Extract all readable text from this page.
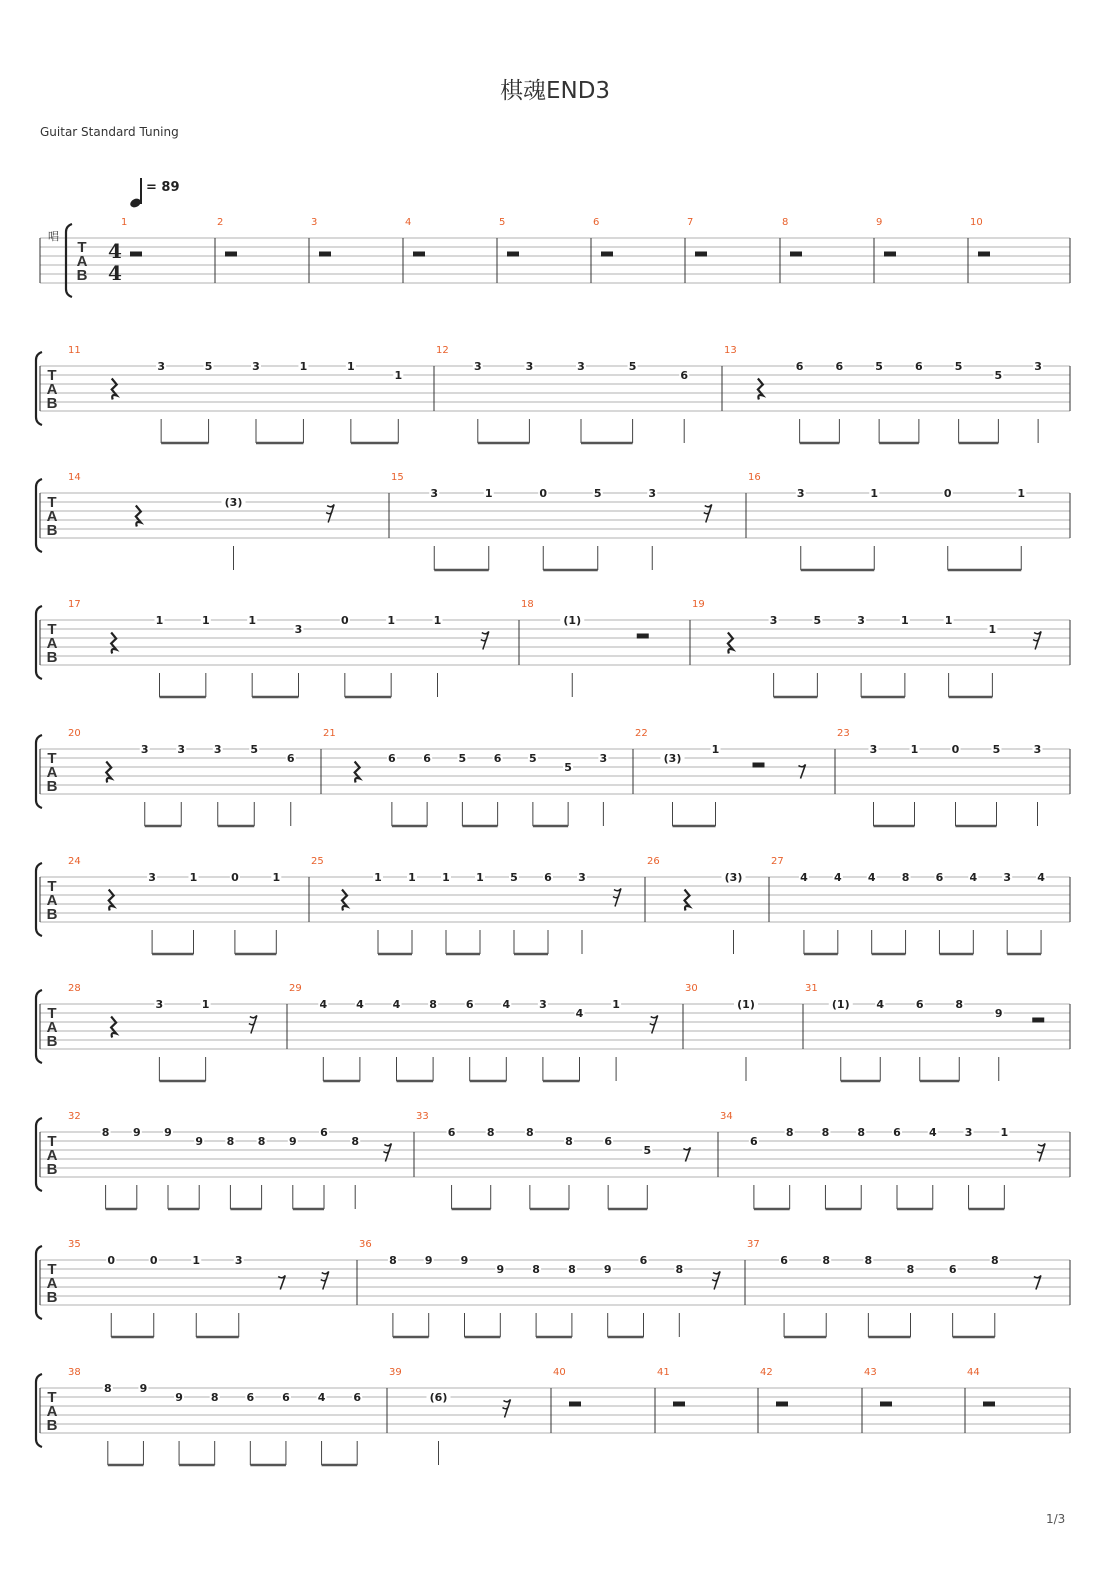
棋魂END3
Guitar Standard Tuning
= 89
T
A
B
唱
4
4
1	2	3	4	5	6	7	8	9	10
T
A
B
11
3	5	3	1	1
1
12
3	3	3	5
6
13
6	6	5	6	5
5
3
T
A
B
14
(3)
15
3	1	0	5	3
16
3	1	0	1
T
A
B
17
1	1	1
3
0	1	1
18
(1)
19
3	5	3	1	1
1
T
A
B
20
3	3	3	5
6
21
6	6	5	6	5
5
3
22
(3)
1
23
3	1	0	5	3
T
A
B
24
3	1	0	1
25
1 1 1 1 5 6 3
26
(3)
27
4 4 4 8 6 4 3 4
T
A
B
28
3	1
29
4	4	4	8	6	4	3
4
1
30
(1)
31
(1) 4	6	8
9
T
A
B
32
8 9 9
9 8 8 9
6
8
33
6	8	8
8	6
5
34
6
8	8	8	6	4	3	1
T
A
B
35
0	0	1	3
36
8	9	9
9	8	8	9
6
8
37
6	8	8
8	6
8
T
A
B
38
8	9
9	8	6	6	4	6
39
(6)
40	41	42	43	44
1/3
